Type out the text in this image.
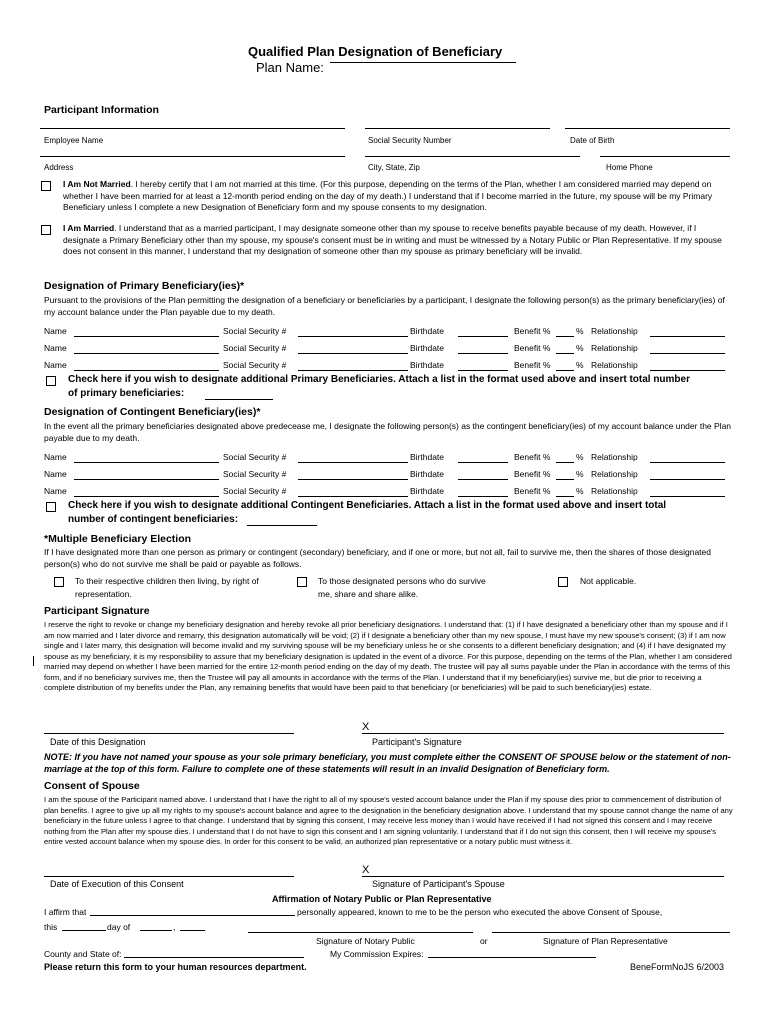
Qualified Plan Designation of Beneficiary
Plan Name:
Participant Information
Employee Name	Social Security Number	Date of Birth
Address	City, State, Zip	Home Phone
I Am Not Married. I hereby certify that I am not married at this time. (For this purpose, depending on the terms of the Plan, whether I am considered married may depend on whether I have been married for at least a 12-month period ending on the day of my death.) I understand that if I become married in the future, my spouse will be my Primary Beneficiary unless I complete a new Designation of Beneficiary form and my spouse consents to my designation.
I Am Married. I understand that as a married participant, I may designate someone other than my spouse to receive benefits payable because of my death. However, if I designate a Primary Beneficiary other than my spouse, my spouse's consent must be in writing and must be witnessed by a Notary Public or Plan Representative. If my spouse does not consent in this manner, I understand that my designation of someone other than my spouse as primary beneficiary will be invalid.
Designation of Primary Beneficiary(ies)*
Pursuant to the provisions of the Plan permitting the designation of a beneficiary or beneficiaries by a participant, I designate the following person(s) as the primary beneficiary(ies) of my account balance under the Plan payable due to my death.
Name	Social Security #	Birthdate	Benefit %	% Relationship
Name	Social Security #	Birthdate	Benefit %	% Relationship
Name	Social Security #	Birthdate	Benefit %	% Relationship
Check here if you wish to designate additional Primary Beneficiaries. Attach a list in the format used above and insert total number
of primary beneficiaries:
Designation of Contingent Beneficiary(ies)*
In the event all the primary beneficiaries designated above predecease me, I designate the following person(s) as the contingent beneficiary(ies) of my account balance under the Plan payable due to my death.
Name	Social Security #	Birthdate	Benefit %	% Relationship
Name	Social Security #	Birthdate	Benefit %	% Relationship
Name	Social Security #	Birthdate	Benefit %	% Relationship
Check here if you wish to designate additional Contingent Beneficiaries. Attach a list in the format used above and insert total
number of contingent beneficiaries:
*Multiple Beneficiary Election
If I have designated more than one person as primary or contingent (secondary) beneficiary, and if one or more, but not all, fail to survive me, then the shares of those designated person(s) who do not survive me shall be paid or payable as follows.
To their respective children then living, by right of
representation.
To those designated persons who do survive
me, share and share alike.
Not applicable.
Participant Signature
I reserve the right to revoke or change my beneficiary designation and hereby revoke all prior beneficiary designations. I understand that: (1) if I have designated a beneficiary other than my spouse and if I am now married and I later divorce and remarry, this designation automatically will be void; (2) if I designate a beneficiary other than my new spouse, I must have my new spouse's consent; (3) if I am now single and I later marry, this designation will become invalid and my surviving spouse will be my beneficiary unless he or she consents to a different beneficiary designation; and (4) if I have designated my spouse as my beneficiary, it is my responsibility to assure that my beneficiary designation is updated in the event of a divorce. For this purpose, depending on the terms of the Plan, whether I am considered married may depend on whether I have been married for the entire 12-month period ending on the day of my death. The trustee will pay all sums payable under the Plan in accordance with the terms of this form, and if no beneficiary survives me, then the Trustee will pay all amounts in accordance with the terms of the Plan. I understand that if my beneficiary(ies) survive me, but die prior to receiving a complete distribution of my benefits under the Plan, any remaining benefits that would have been paid to that beneficiary (or beneficiaries) will be paid to such beneficiary(ies) estate.
X
Date of this Designation	Participant's Signature
NOTE: If you have not named your spouse as your sole primary beneficiary, you must complete either the CONSENT OF SPOUSE below or the statement of non-marriage at the top of this form. Failure to complete one of these statements will result in an invalid Designation of Beneficiary form.
Consent of Spouse
I am the spouse of the Participant named above. I understand that I have the right to all of my spouse's vested account balance under the Plan if my spouse dies prior to commencement of distribution of plan benefits. I agree to give up all my rights to my spouse's account balance and agree to the designation in the beneficiary designation above. I understand that my spouse cannot change the name of any beneficiary in the future unless I agree to that change. I understand that by signing this consent, I may receive less money than I would have received if I had not signed this consent and I may receive nothing from the Plan after my spouse dies. I understand that I do not have to sign this consent and I am signing voluntarily. I understand that if I do not sign this consent, then I will receive my spouse's entire vested account balance when my spouse dies. In order for this consent to be valid, an authorized plan representative or a notary public must witness it.
X
Date of Execution of this Consent	Signature of Participant's Spouse
Affirmation of Notary Public or Plan Representative
I affirm that	personally appeared, known to me to be the person who executed the above Consent of Spouse,
this	day of	,
Signature of Notary Public	or	Signature of Plan Representative
County and State of:	My Commission Expires:
Please return this form to your human resources department.	BeneFormNoJS 6/2003
